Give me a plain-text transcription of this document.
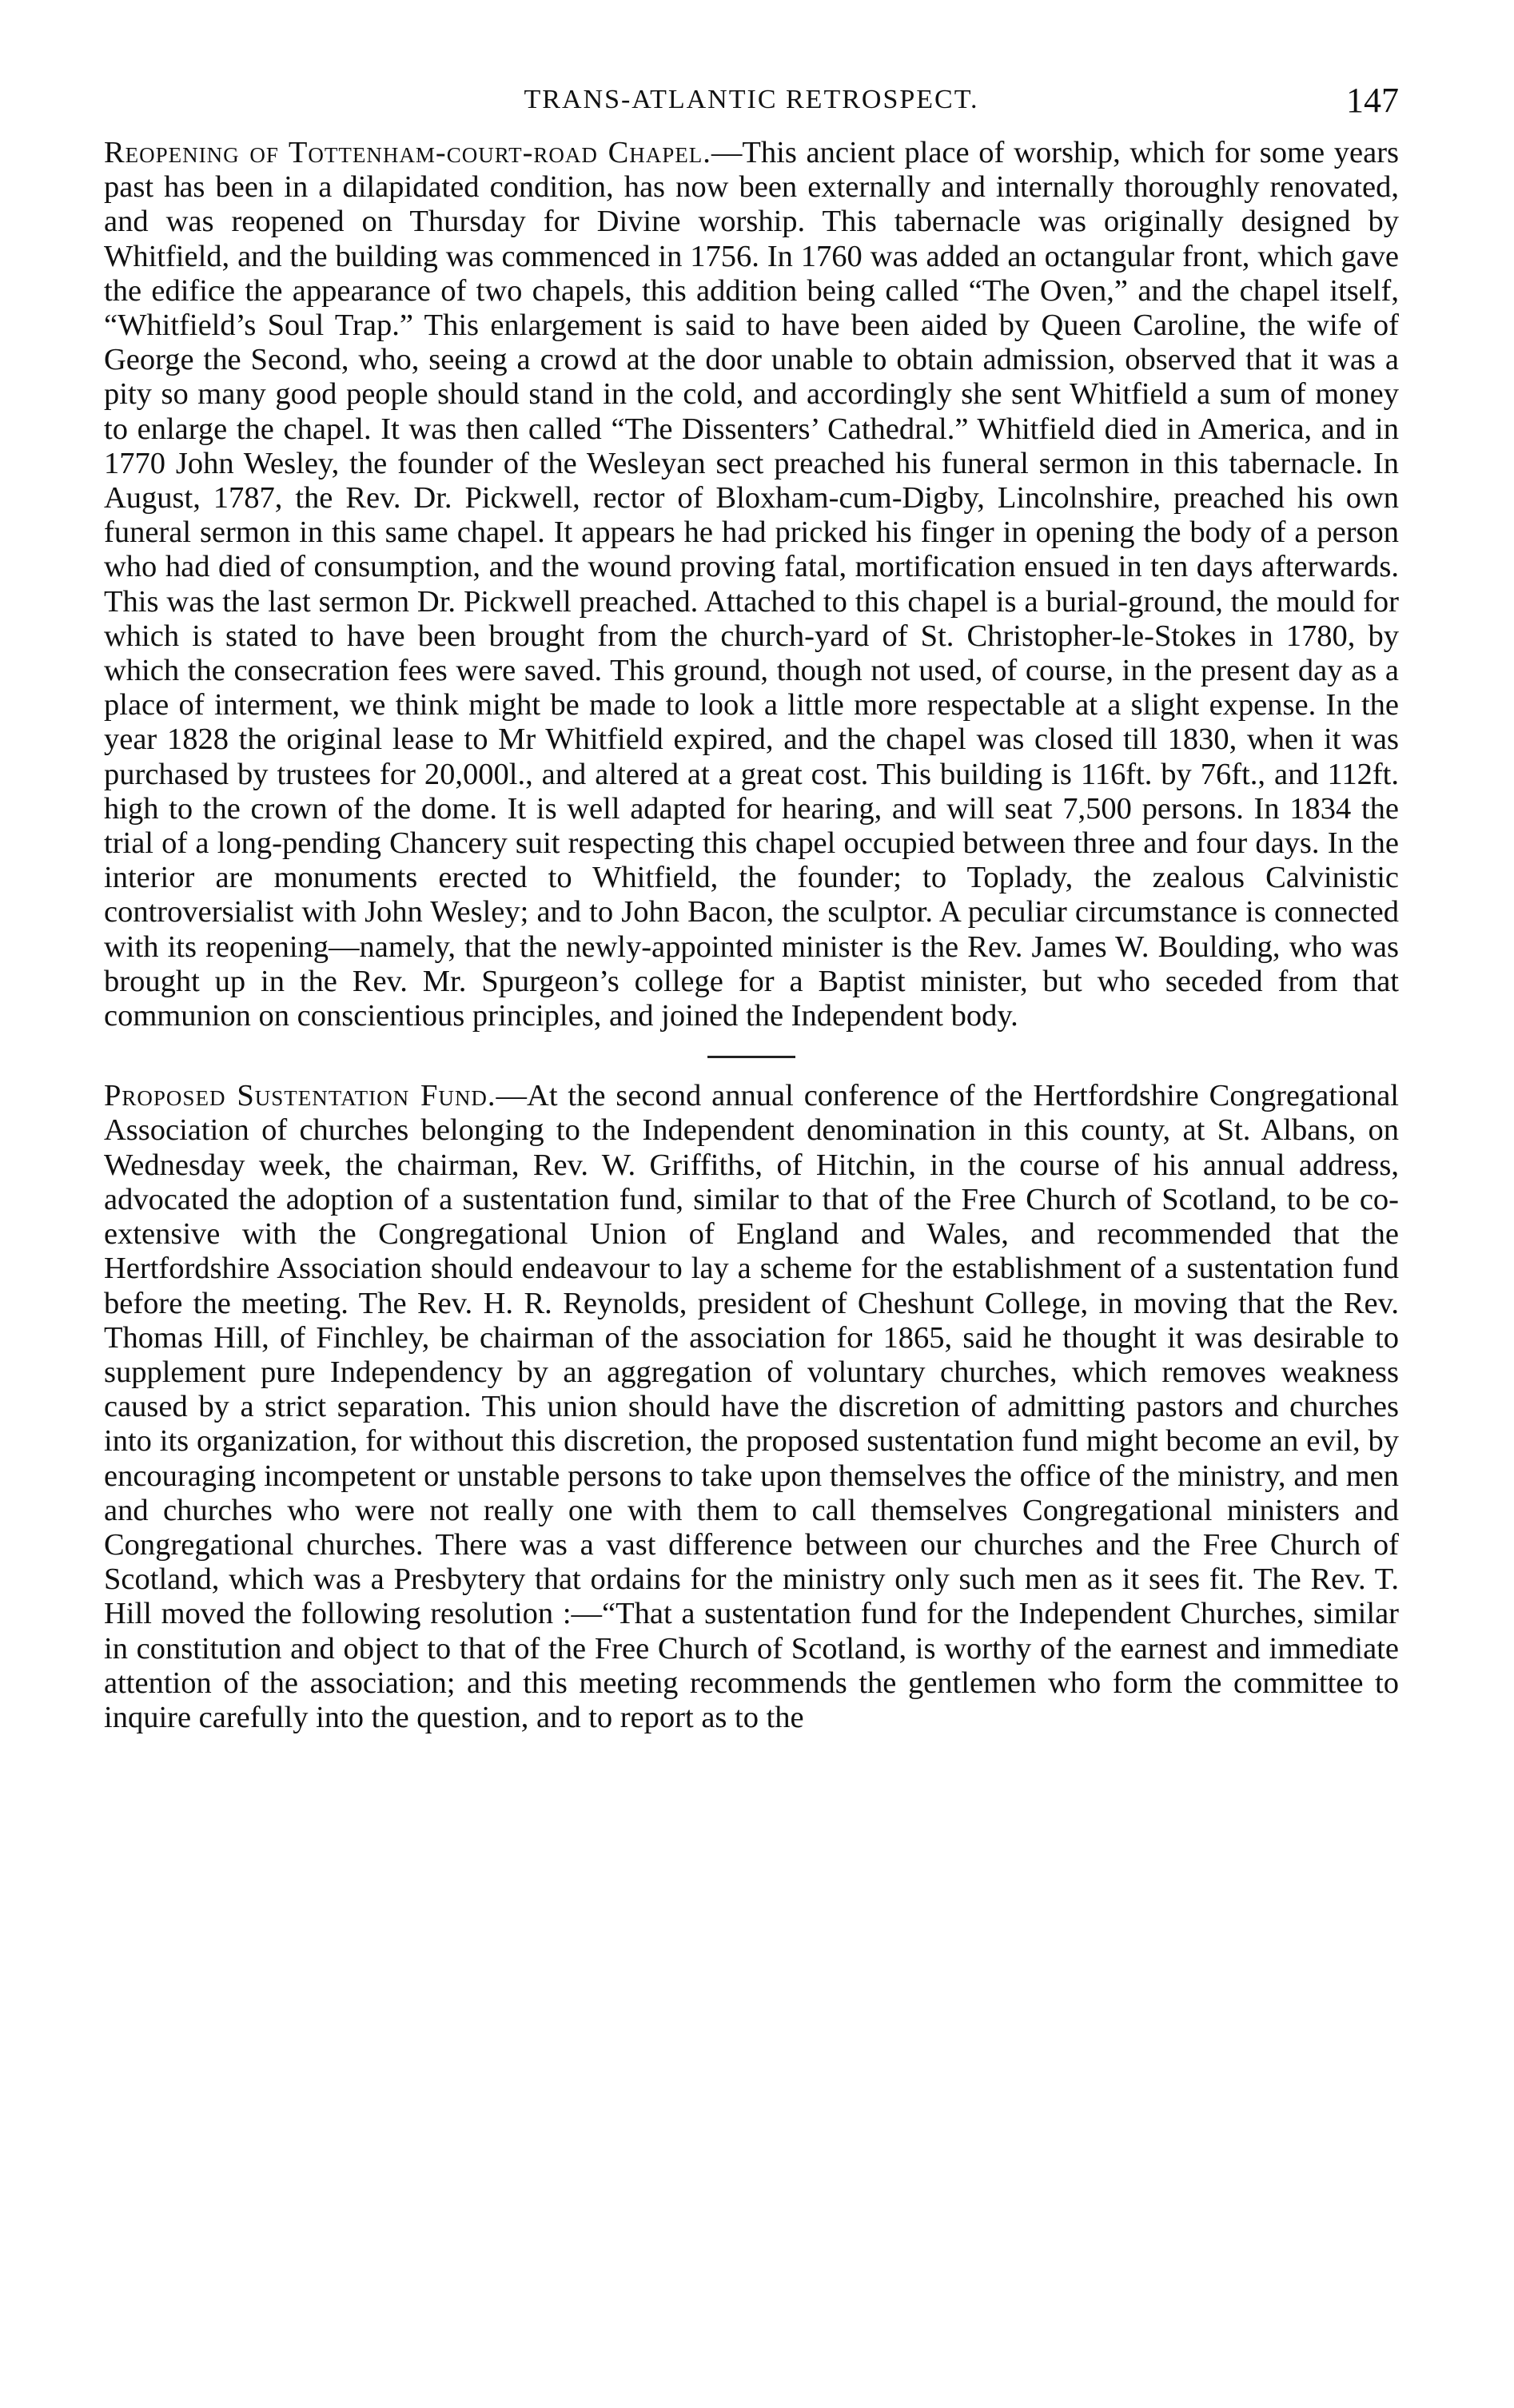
TRANS-ATLANTIC RETROSPECT.	147

Reopening of Tottenham-court-road Chapel.—This ancient place of worship, which for some years past has been in a dilapidated condition, has now been externally and internally thoroughly renovated, and was reopened on Thursday for Divine worship. This tabernacle was originally designed by Whitfield, and the building was commenced in 1756. In 1760 was added an octangular front, which gave the edifice the appearance of two chapels, this addition being called “The Oven,” and the chapel itself, “Whitfield’s Soul Trap.” This enlargement is said to have been aided by Queen Caroline, the wife of George the Second, who, seeing a crowd at the door unable to obtain admission, observed that it was a pity so many good people should stand in the cold, and accordingly she sent Whitfield a sum of money to enlarge the chapel. It was then called “The Dissenters’ Cathedral.” Whitfield died in America, and in 1770 John Wesley, the founder of the Wesleyan sect preached his funeral sermon in this tabernacle. In August, 1787, the Rev. Dr. Pickwell, rector of Bloxham-cum-Digby, Lincolnshire, preached his own funeral sermon in this same chapel. It appears he had pricked his finger in opening the body of a person who had died of consumption, and the wound proving fatal, mortification ensued in ten days afterwards. This was the last sermon Dr. Pickwell preached. Attached to this chapel is a burial-ground, the mould for which is stated to have been brought from the church-yard of St. Christopher-le-Stokes in 1780, by which the consecration fees were saved. This ground, though not used, of course, in the present day as a place of interment, we think might be made to look a little more respectable at a slight expense. In the year 1828 the original lease to Mr Whitfield expired, and the chapel was closed till 1830, when it was purchased by trustees for 20,000l., and altered at a great cost. This building is 116ft. by 76ft., and 112ft. high to the crown of the dome. It is well adapted for hearing, and will seat 7,500 persons. In 1834 the trial of a long-pending Chancery suit respecting this chapel occupied between three and four days. In the interior are monuments erected to Whitfield, the founder; to Toplady, the zealous Calvinistic controversialist with John Wesley; and to John Bacon, the sculptor. A peculiar circumstance is connected with its reopening—namely, that the newly-appointed minister is the Rev. James W. Boulding, who was brought up in the Rev. Mr. Spurgeon’s college for a Baptist minister, but who seceded from that communion on conscientious principles, and joined the Independent body.

Proposed Sustentation Fund.—At the second annual conference of the Hertfordshire Congregational Association of churches belonging to the Independent denomination in this county, at St. Albans, on Wednesday week, the chairman, Rev. W. Griffiths, of Hitchin, in the course of his annual address, advocated the adoption of a sustentation fund, similar to that of the Free Church of Scotland, to be co-extensive with the Congregational Union of England and Wales, and recommended that the Hertfordshire Association should endeavour to lay a scheme for the establishment of a sustentation fund before the meeting. The Rev. H. R. Reynolds, president of Cheshunt College, in moving that the Rev. Thomas Hill, of Finchley, be chairman of the association for 1865, said he thought it was desirable to supplement pure Independency by an aggregation of voluntary churches, which removes weakness caused by a strict separation. This union should have the discretion of admitting pastors and churches into its organization, for without this discretion, the proposed sustentation fund might become an evil, by encouraging incompetent or unstable persons to take upon themselves the office of the ministry, and men and churches who were not really one with them to call themselves Congregational ministers and Congregational churches. There was a vast difference between our churches and the Free Church of Scotland, which was a Presbytery that ordains for the ministry only such men as it sees fit. The Rev. T. Hill moved the following resolution :—“That a sustentation fund for the Independent Churches, similar in constitution and object to that of the Free Church of Scotland, is worthy of the earnest and immediate attention of the association; and this meeting recommends the gentlemen who form the committee to inquire carefully into the question, and to report as to the
